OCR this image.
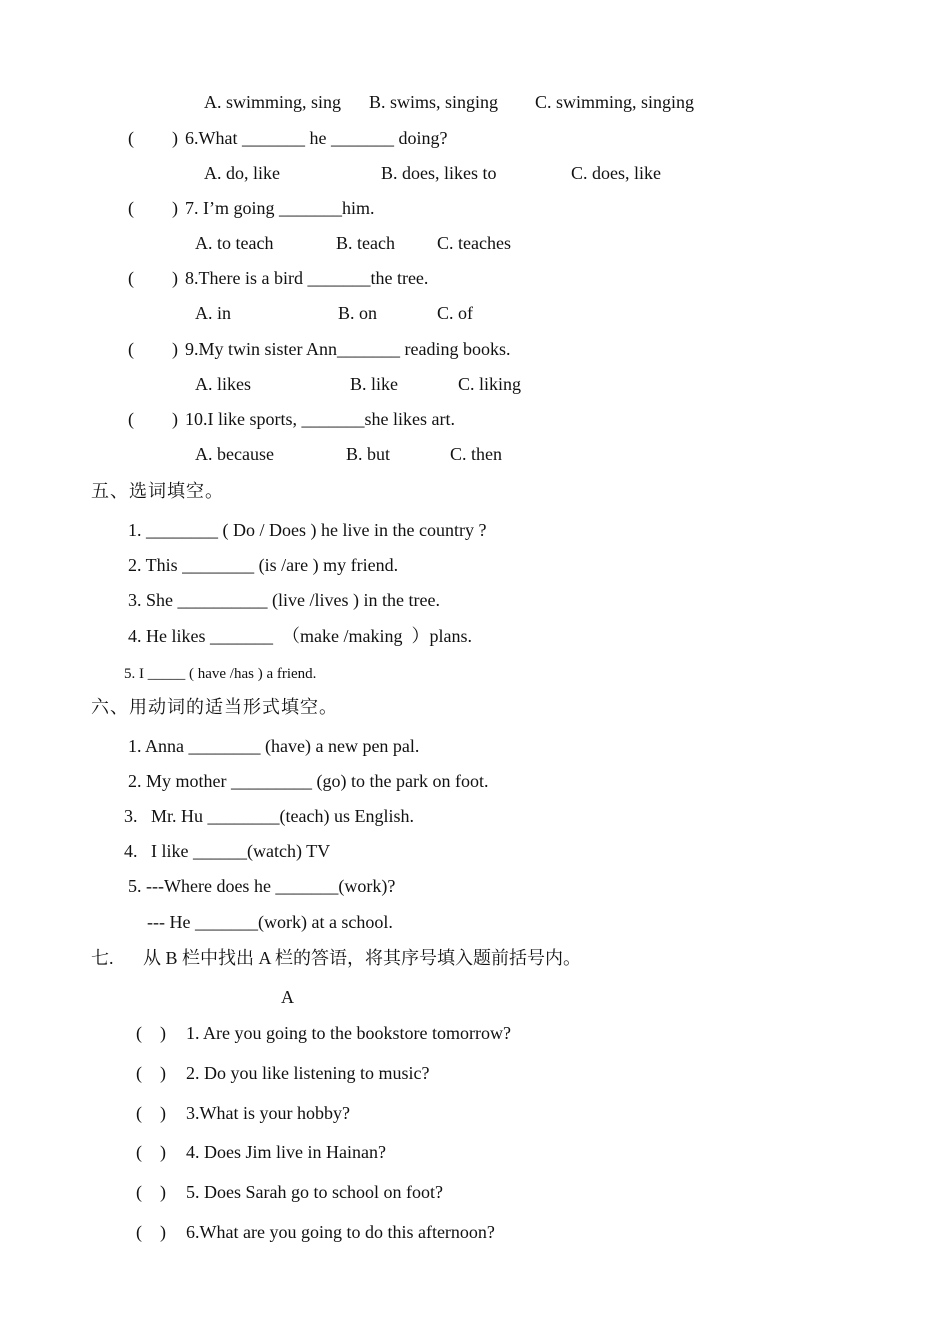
A. swimming, sing B. swims, singing C. swimming, singing
( ) 6.What _______ he _______ doing?
A. do, like	B. does, likes to	C. does, like
( ) 7. I’m going _______him.
A. to teach	B. teach C. teaches
( ) 8.There is a bird _______the tree.
A. in	B. on	C. of
( ) 9.My twin sister Ann_______ reading books.
A. likes	B. like	C. liking
( ) 10.I like sports, _______she likes art.
A. because	B. but	C. then
五、选词填空。
1. ________ ( Do / Does ) he live in the country ?
2. This ________ (is /are ) my friend.
3. She __________ (live /lives ) in the tree.
4. He likes _______  （make /making  ）plans.
5. I _____ ( have /has ) a friend.
六、用动词的适当形式填空。
1. Anna ________ (have) a new pen pal.
2. My mother _________ (go) to the park on foot.
3.   Mr. Hu ________(teach) us English.
4.   I like ______(watch) TV
5. ---Where does he _______(work)?
--- He _______(work) at a school.
七. 从 B 栏中找出 A 栏的答语，将其序号填入题前括号内。
A
(    ) 1. Are you going to the bookstore tomorrow?
(    ) 2. Do you like listening to music?
(    ) 3.What is your hobby?
(    ) 4. Does Jim live in Hainan?
(    ) 5. Does Sarah go to school on foot?
(    ) 6.What are you going to do this afternoon?
